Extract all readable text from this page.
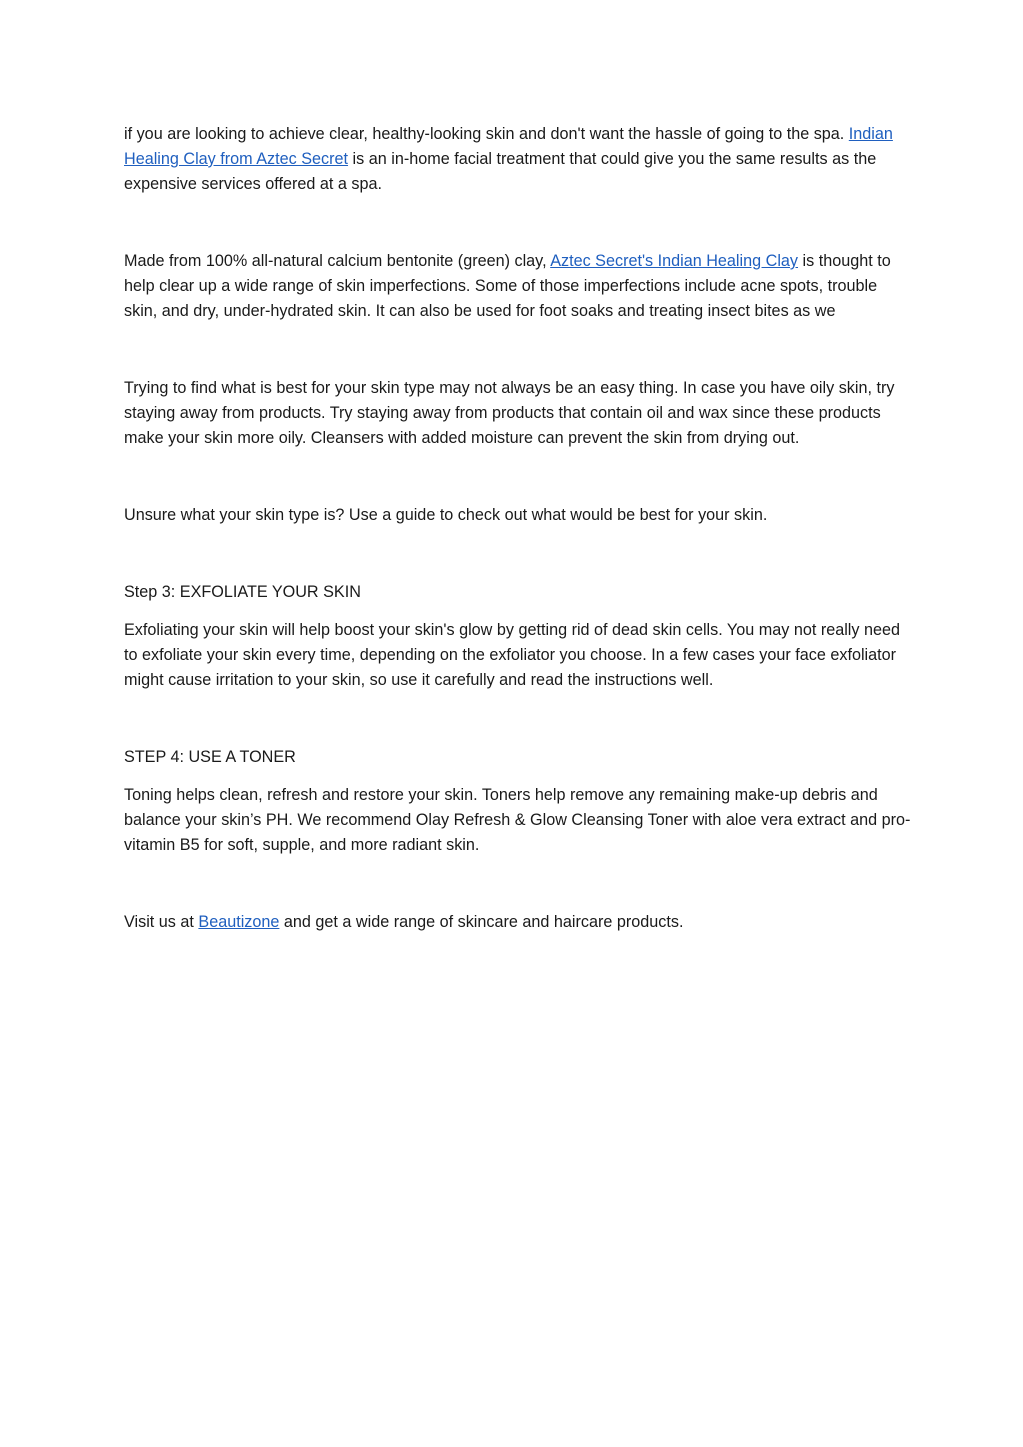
if you are looking to achieve clear, healthy-looking skin and don't want the hassle of going to the spa. Indian Healing Clay from Aztec Secret is an in-home facial treatment that could give you the same results as the expensive services offered at a spa.

Made from 100% all-natural calcium bentonite (green) clay, Aztec Secret's Indian Healing Clay is thought to help clear up a wide range of skin imperfections. Some of those imperfections include acne spots, trouble skin, and dry, under-hydrated skin. It can also be used for foot soaks and treating insect bites as we

Trying to find what is best for your skin type may not always be an easy thing. In case you have oily skin, try staying away from products. Try staying away from products that contain oil and wax since these products make your skin more oily. Cleansers with added moisture can prevent the skin from drying out.

Unsure what your skin type is? Use a guide to check out what would be best for your skin.

Step 3: EXFOLIATE YOUR SKIN

Exfoliating your skin will help boost your skin's glow by getting rid of dead skin cells. You may not really need to exfoliate your skin every time, depending on the exfoliator you choose. In a few cases your face exfoliator might cause irritation to your skin, so use it carefully and read the instructions well.

STEP 4: USE A TONER

Toning helps clean, refresh and restore your skin. Toners help remove any remaining make-up debris and balance your skin’s PH. We recommend Olay Refresh & Glow Cleansing Toner with aloe vera extract and pro-vitamin B5 for soft, supple, and more radiant skin.

Visit us at Beautizone and get a wide range of skincare and haircare products.
